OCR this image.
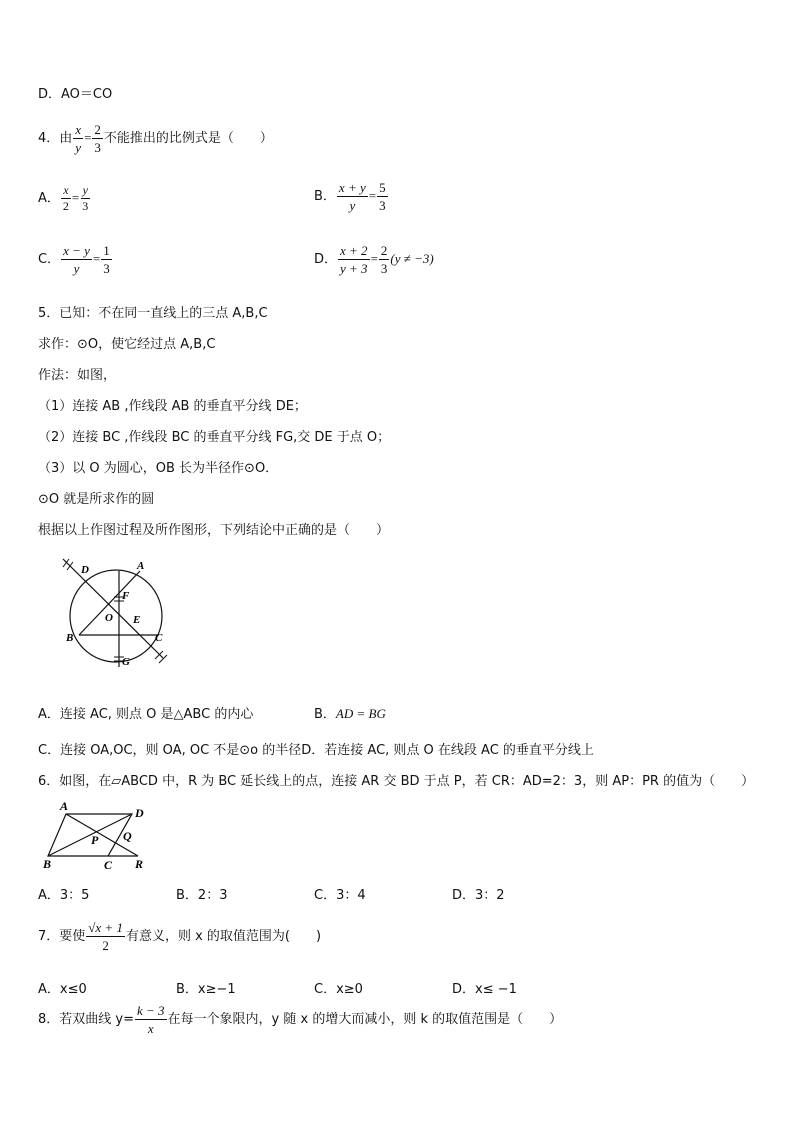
D．AO＝CO
4．由 $\frac{x}{y} = \frac{2}{3}$ 不能推出的比例式是（　　）
A． $\frac{x}{2} = \frac{y}{3}$	B． $\frac{x + y}{y} = \frac{5}{3}$
C． $\frac{x - y}{y} = \frac{1}{3}$	D． $\frac{x + 2}{y + 3} = \frac{2}{3} (y \ne -3)$
5．已知：不在同一直线上的三点 A,B,C
求作：⊙O，使它经过点 A,B,C
作法：如图，
（1）连接 AB ,作线段 AB 的垂直平分线 DE；
（2）连接 BC ,作线段 BC 的垂直平分线 FG,交 DE 于点 O；
（3）以 O 为圆心，OB 长为半径作⊙O．
⊙O 就是所求作的圆
根据以上作图过程及所作图形，下列结论中正确的是（　　）
D	A
F
O E
B	C
G
A．连接 AC, 则点 O 是△ABC 的内心	B．AD = BG
C．连接 OA,OC，则 OA, OC 不是⊙o 的半径D．若连接 AC, 则点 O 在线段 AC 的垂直平分线上
6．如图，在▱ABCD 中，R 为 BC 延长线上的点，连接 AR 交 BD 于点 P，若 CR：AD=2：3，则 AP：PR 的值为（　　）
A	D
Q
P
B	C R
A．3：5	B．2：3	C．3：4	D．3：2
7．要使 $\frac{√x + 1}{2}$ 有意义，则 x 的取值范围为(　　)
A．x≤0	B．x≥−1	C．x≥0	D．x≤ −1
8．若双曲线 $y= \frac{k - 3}{x}$ 在每一个象限内，y 随 x 的增大而减小，则 k 的取值范围是（　　）
